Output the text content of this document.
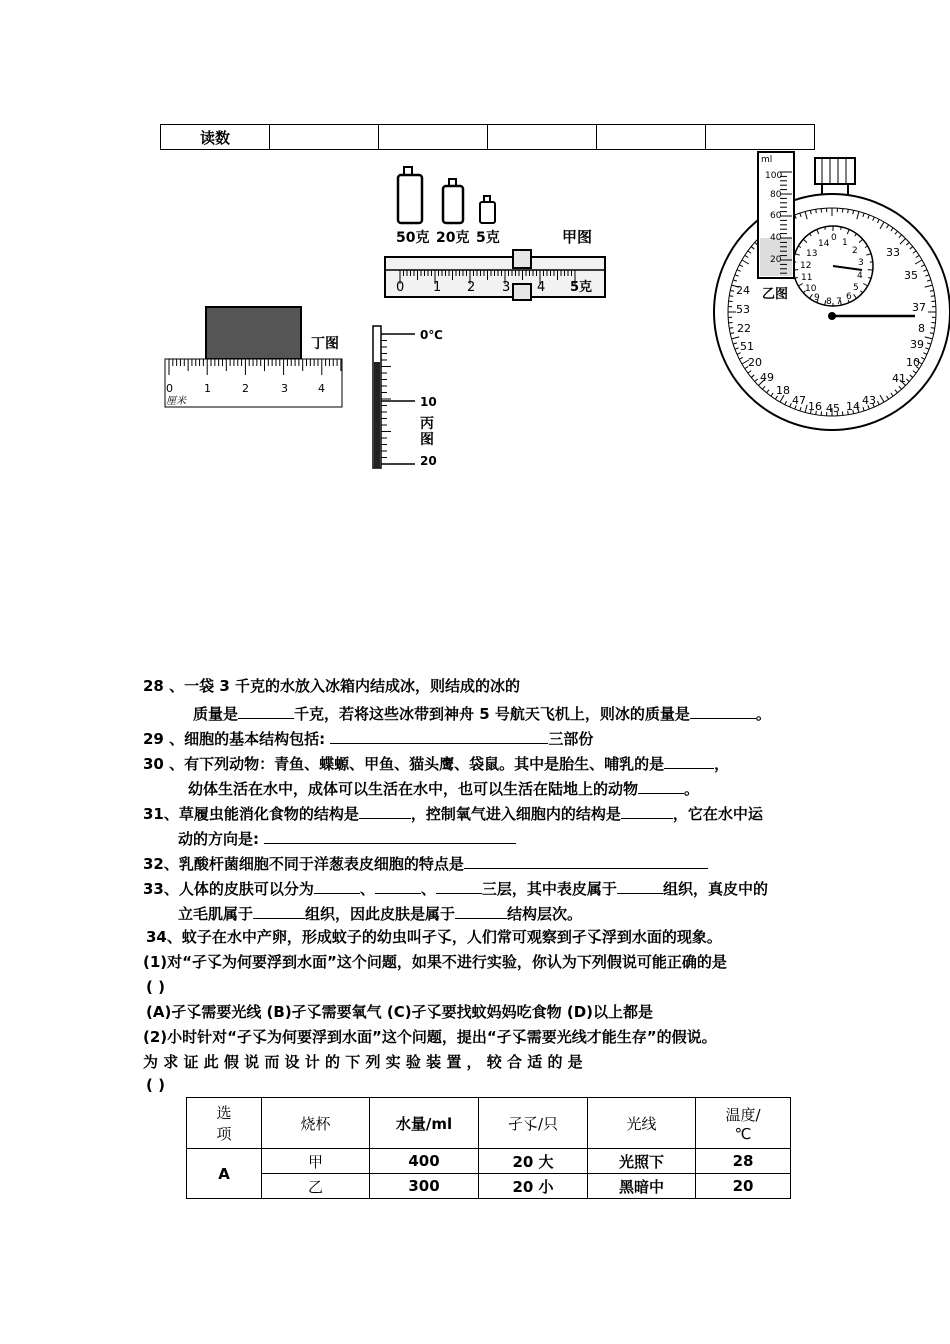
读数					
50克 20克 5克	甲图
0 1 2 3 4 5克
14
0 1
13	2
12	3
11	4
10	5
9 8 7 6
33
35
24
53	37
22	8
51	39
20	10
49	41
18
47 16 45 14 43
ml
100
80
60
40
20
乙图
丁图
0	1	2	3	4
厘米
0℃
10
20
丙
图
28 、一袋 3 千克的水放入冰箱内结成冰，则结成的冰的
质量是	千克，若将这些冰带到神舟 5 号航天飞机上，则冰的质量是	。
29 、细胞的基本结构包括:	三部份
30 、有下列动物：青鱼、蝶螈、甲鱼、猫头鹰、袋鼠。其中是胎生、哺乳的是	，
幼体生活在水中，成体可以生活在水中，也可以生活在陆地上的动物	。
31、草履虫能消化食物的结构是	，控制氧气进入细胞内的结构是	，它在水中运
动的方向是:
32、乳酸杆菌细胞不同于洋葱表皮细胞的特点是
33、人体的皮肤可以分为	、	、	三层，其中表皮属于	组织，真皮中的
立毛肌属于	组织，因此皮肤是属于	结构层次。
34、蚊子在水中产卵，形成蚊子的幼虫叫孑孓，人们常可观察到孑孓浮到水面的现象。
(1)对“孑孓为何要浮到水面”这个问题，如果不进行实验，你认为下列假说可能正确的是
( )
(A)孑孓需要光线 (B)孑孓需要氧气 (C)孑孓要找蚊妈妈吃食物 (D)以上都是
(2)小时针对“孑孓为何要浮到水面”这个问题，提出“孑孓需要光线才能生存”的假说。
为 求 证 此 假 说 而 设 计 的 下 列 实 验 装 置 ， 较 合 适 的 是
( )
选
项	烧杯	水量/ml	孑孓/只	光线	温度/
℃
A	甲	400	20 大	光照下	28
	乙	300	20 小	黑暗中	20
